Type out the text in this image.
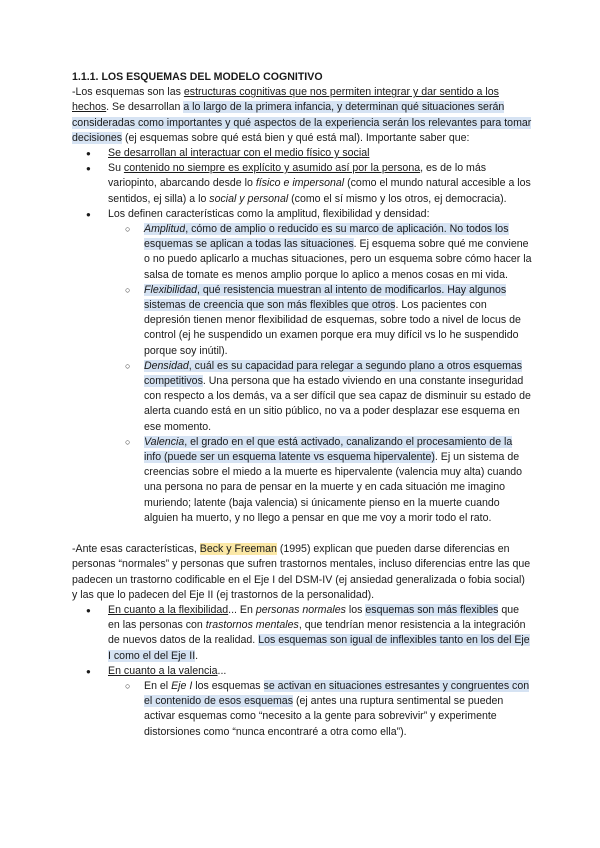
1.1.1. LOS ESQUEMAS DEL MODELO COGNITIVO

-Los esquemas son las estructuras cognitivas que nos permiten integrar y dar sentido a los hechos. Se desarrollan a lo largo de la primera infancia, y determinan qué situaciones serán consideradas como importantes y qué aspectos de la experiencia serán los relevantes para tomar decisiones (ej esquemas sobre qué está bien y qué está mal). Importante saber que:

● Se desarrollan al interactuar con el medio físico y social
● Su contenido no siempre es explícito y asumido así por la persona, es de lo más variopinto, abarcando desde lo físico e impersonal (como el mundo natural accesible a los sentidos, ej silla) a lo social y personal (como el sí mismo y los otros, ej democracia).
● Los definen características como la amplitud, flexibilidad y densidad:
○ Amplitud, cómo de amplio o reducido es su marco de aplicación. No todos los esquemas se aplican a todas las situaciones. Ej esquema sobre qué me conviene o no puedo aplicarlo a muchas situaciones, pero un esquema sobre cómo hacer la salsa de tomate es menos amplio porque lo aplico a menos cosas en mi vida.
○ Flexibilidad, qué resistencia muestran al intento de modificarlos. Hay algunos sistemas de creencia que son más flexibles que otros. Los pacientes con depresión tienen menor flexibilidad de esquemas, sobre todo a nivel de locus de control (ej he suspendido un examen porque era muy difícil vs lo he suspendido porque soy inútil).
○ Densidad, cuál es su capacidad para relegar a segundo plano a otros esquemas competitivos. Una persona que ha estado viviendo en una constante inseguridad con respecto a los demás, va a ser difícil que sea capaz de disminuir su estado de alerta cuando está en un sitio público, no va a poder desplazar ese esquema en ese momento.
○ Valencia, el grado en el que está activado, canalizando el procesamiento de la info (puede ser un esquema latente vs esquema hipervalente). Ej un sistema de creencias sobre el miedo a la muerte es hipervalente (valencia muy alta) cuando una persona no para de pensar en la muerte y en cada situación me imagino muriendo; latente (baja valencia) si únicamente pienso en la muerte cuando alguien ha muerto, y no llego a pensar en que me voy a morir todo el rato.

-Ante esas características, Beck y Freeman (1995) explican que pueden darse diferencias en personas “normales” y personas que sufren trastornos mentales, incluso diferencias entre las que padecen un trastorno codificable en el Eje I del DSM-IV (ej ansiedad generalizada o fobia social) y las que lo padecen del Eje II (ej trastornos de la personalidad).

● En cuanto a la flexibilidad... En personas normales los esquemas son más flexibles que en las personas con trastornos mentales, que tendrían menor resistencia a la integración de nuevos datos de la realidad. Los esquemas son igual de inflexibles tanto en los del Eje I como el del Eje II.
● En cuanto a la valencia...
○ En el Eje I los esquemas se activan en situaciones estresantes y congruentes con el contenido de esos esquemas (ej antes una ruptura sentimental se pueden activar esquemas como “necesito a la gente para sobrevivir” y experimente distorsiones como “nunca encontraré a otra como ella”).
